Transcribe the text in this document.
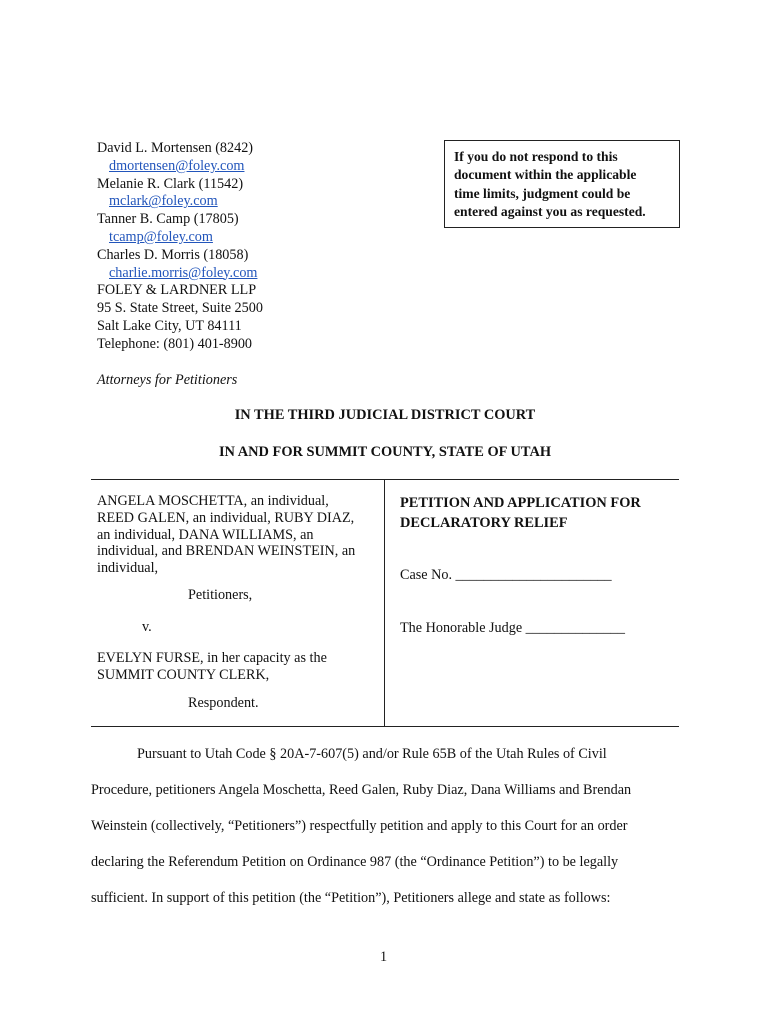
David L. Mortensen (8242)
dmortensen@foley.com
Melanie R. Clark (11542)
mclark@foley.com
Tanner B. Camp (17805)
tcamp@foley.com
Charles D. Morris (18058)
charlie.morris@foley.com
FOLEY & LARDNER LLP
95 S. State Street, Suite 2500
Salt Lake City, UT 84111
Telephone: (801) 401-8900
Attorneys for Petitioners
If you do not respond to this
document within the applicable
time limits, judgment could be
entered against you as requested.
IN THE THIRD JUDICIAL DISTRICT COURT
IN AND FOR SUMMIT COUNTY, STATE OF UTAH
ANGELA MOSCHETTA, an individual,
REED GALEN, an individual, RUBY DIAZ,
an individual, DANA WILLIAMS, an
individual, and BRENDAN WEINSTEIN, an
individual,
Petitioners,
v.
EVELYN FURSE, in her capacity as the
SUMMIT COUNTY CLERK,
Respondent.
PETITION AND APPLICATION FOR
DECLARATORY RELIEF
Case No. ______________________
The Honorable Judge ______________
Pursuant to Utah Code § 20A-7-607(5) and/or Rule 65B of the Utah Rules of Civil
Procedure, petitioners Angela Moschetta, Reed Galen, Ruby Diaz, Dana Williams and Brendan
Weinstein (collectively, “Petitioners”) respectfully petition and apply to this Court for an order
declaring the Referendum Petition on Ordinance 987 (the “Ordinance Petition”) to be legally
sufficient. In support of this petition (the “Petition”), Petitioners allege and state as follows:
1
